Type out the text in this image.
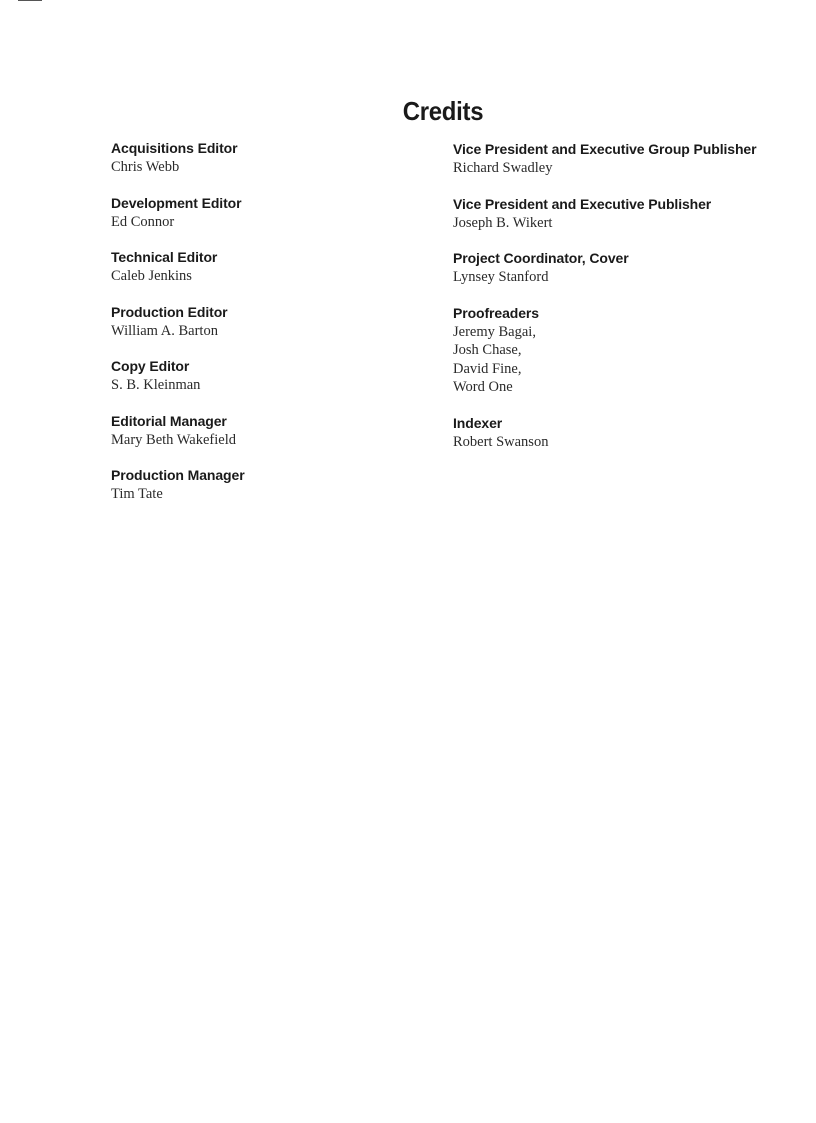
Credits
Acquisitions Editor
Chris Webb
Development Editor
Ed Connor
Technical Editor
Caleb Jenkins
Production Editor
William A. Barton
Copy Editor
S. B. Kleinman
Editorial Manager
Mary Beth Wakefield
Production Manager
Tim Tate
Vice President and Executive Group Publisher
Richard Swadley
Vice President and Executive Publisher
Joseph B. Wikert
Project Coordinator, Cover
Lynsey Stanford
Proofreaders
Jeremy Bagai,
Josh Chase,
David Fine,
Word One
Indexer
Robert Swanson
